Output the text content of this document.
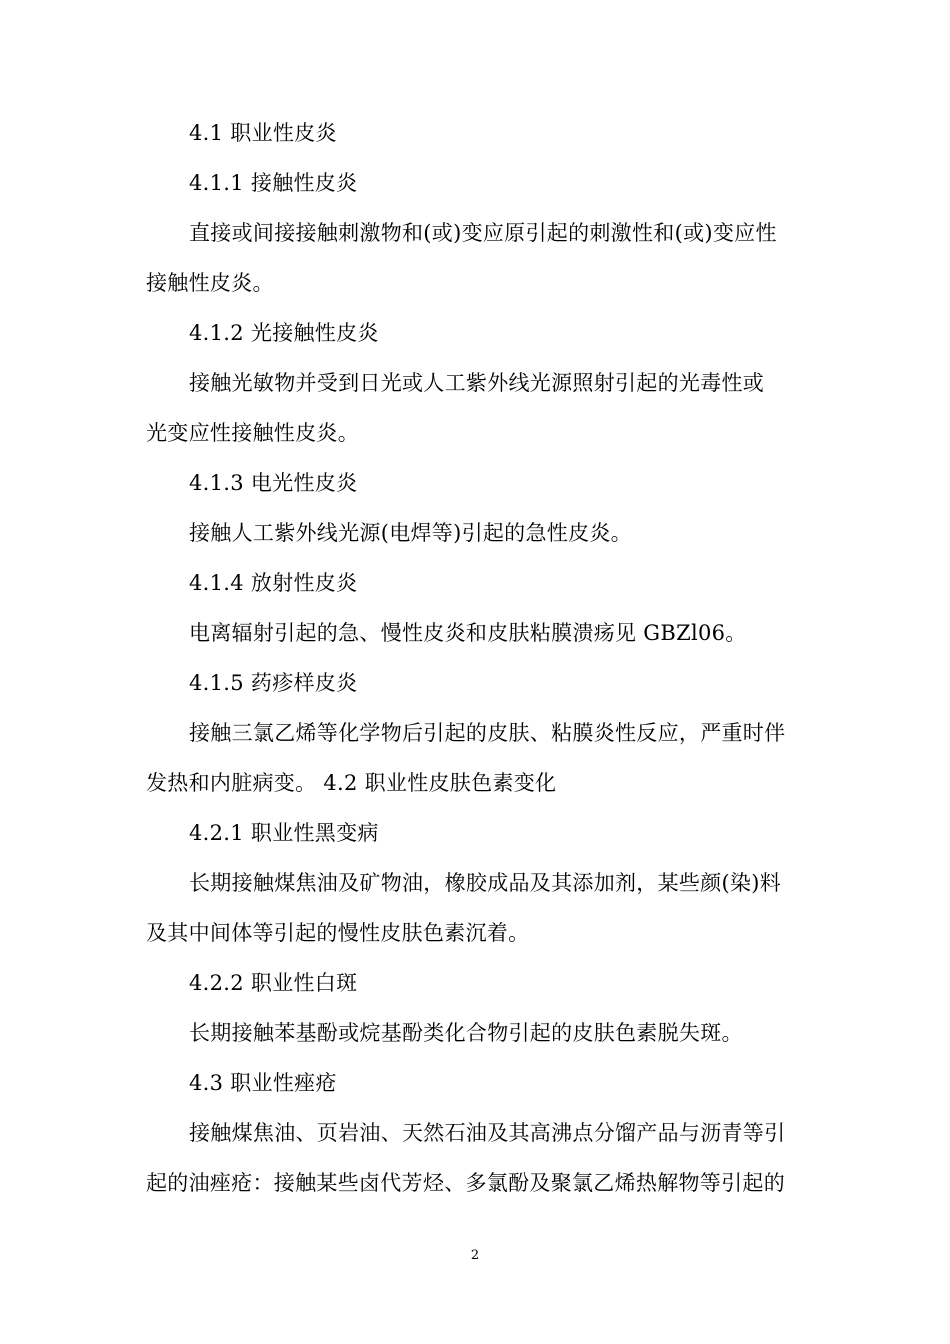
4.1 职业性皮炎
4.1.1 接触性皮炎
直接或间接接触刺激物和(或)变应原引起的刺激性和(或)变应性
接触性皮炎。
4.1.2 光接触性皮炎
接触光敏物并受到日光或人工紫外线光源照射引起的光毒性或
光变应性接触性皮炎。
4.1.3 电光性皮炎
接触人工紫外线光源(电焊等)引起的急性皮炎。
4.1.4 放射性皮炎
电离辐射引起的急、慢性皮炎和皮肤粘膜溃疡见 GBZl06。
4.1.5 药疹样皮炎
接触三氯乙烯等化学物后引起的皮肤、粘膜炎性反应，严重时伴
发热和内脏病变。 4.2 职业性皮肤色素变化
4.2.1 职业性黑变病
长期接触煤焦油及矿物油，橡胶成品及其添加剂，某些颜(染)料
及其中间体等引起的慢性皮肤色素沉着。
4.2.2 职业性白斑
长期接触苯基酚或烷基酚类化合物引起的皮肤色素脱失斑。
4.3 职业性痤疮
接触煤焦油、页岩油、天然石油及其高沸点分馏产品与沥青等引
起的油痤疮：接触某些卤代芳烃、多氯酚及聚氯乙烯热解物等引起的
2
